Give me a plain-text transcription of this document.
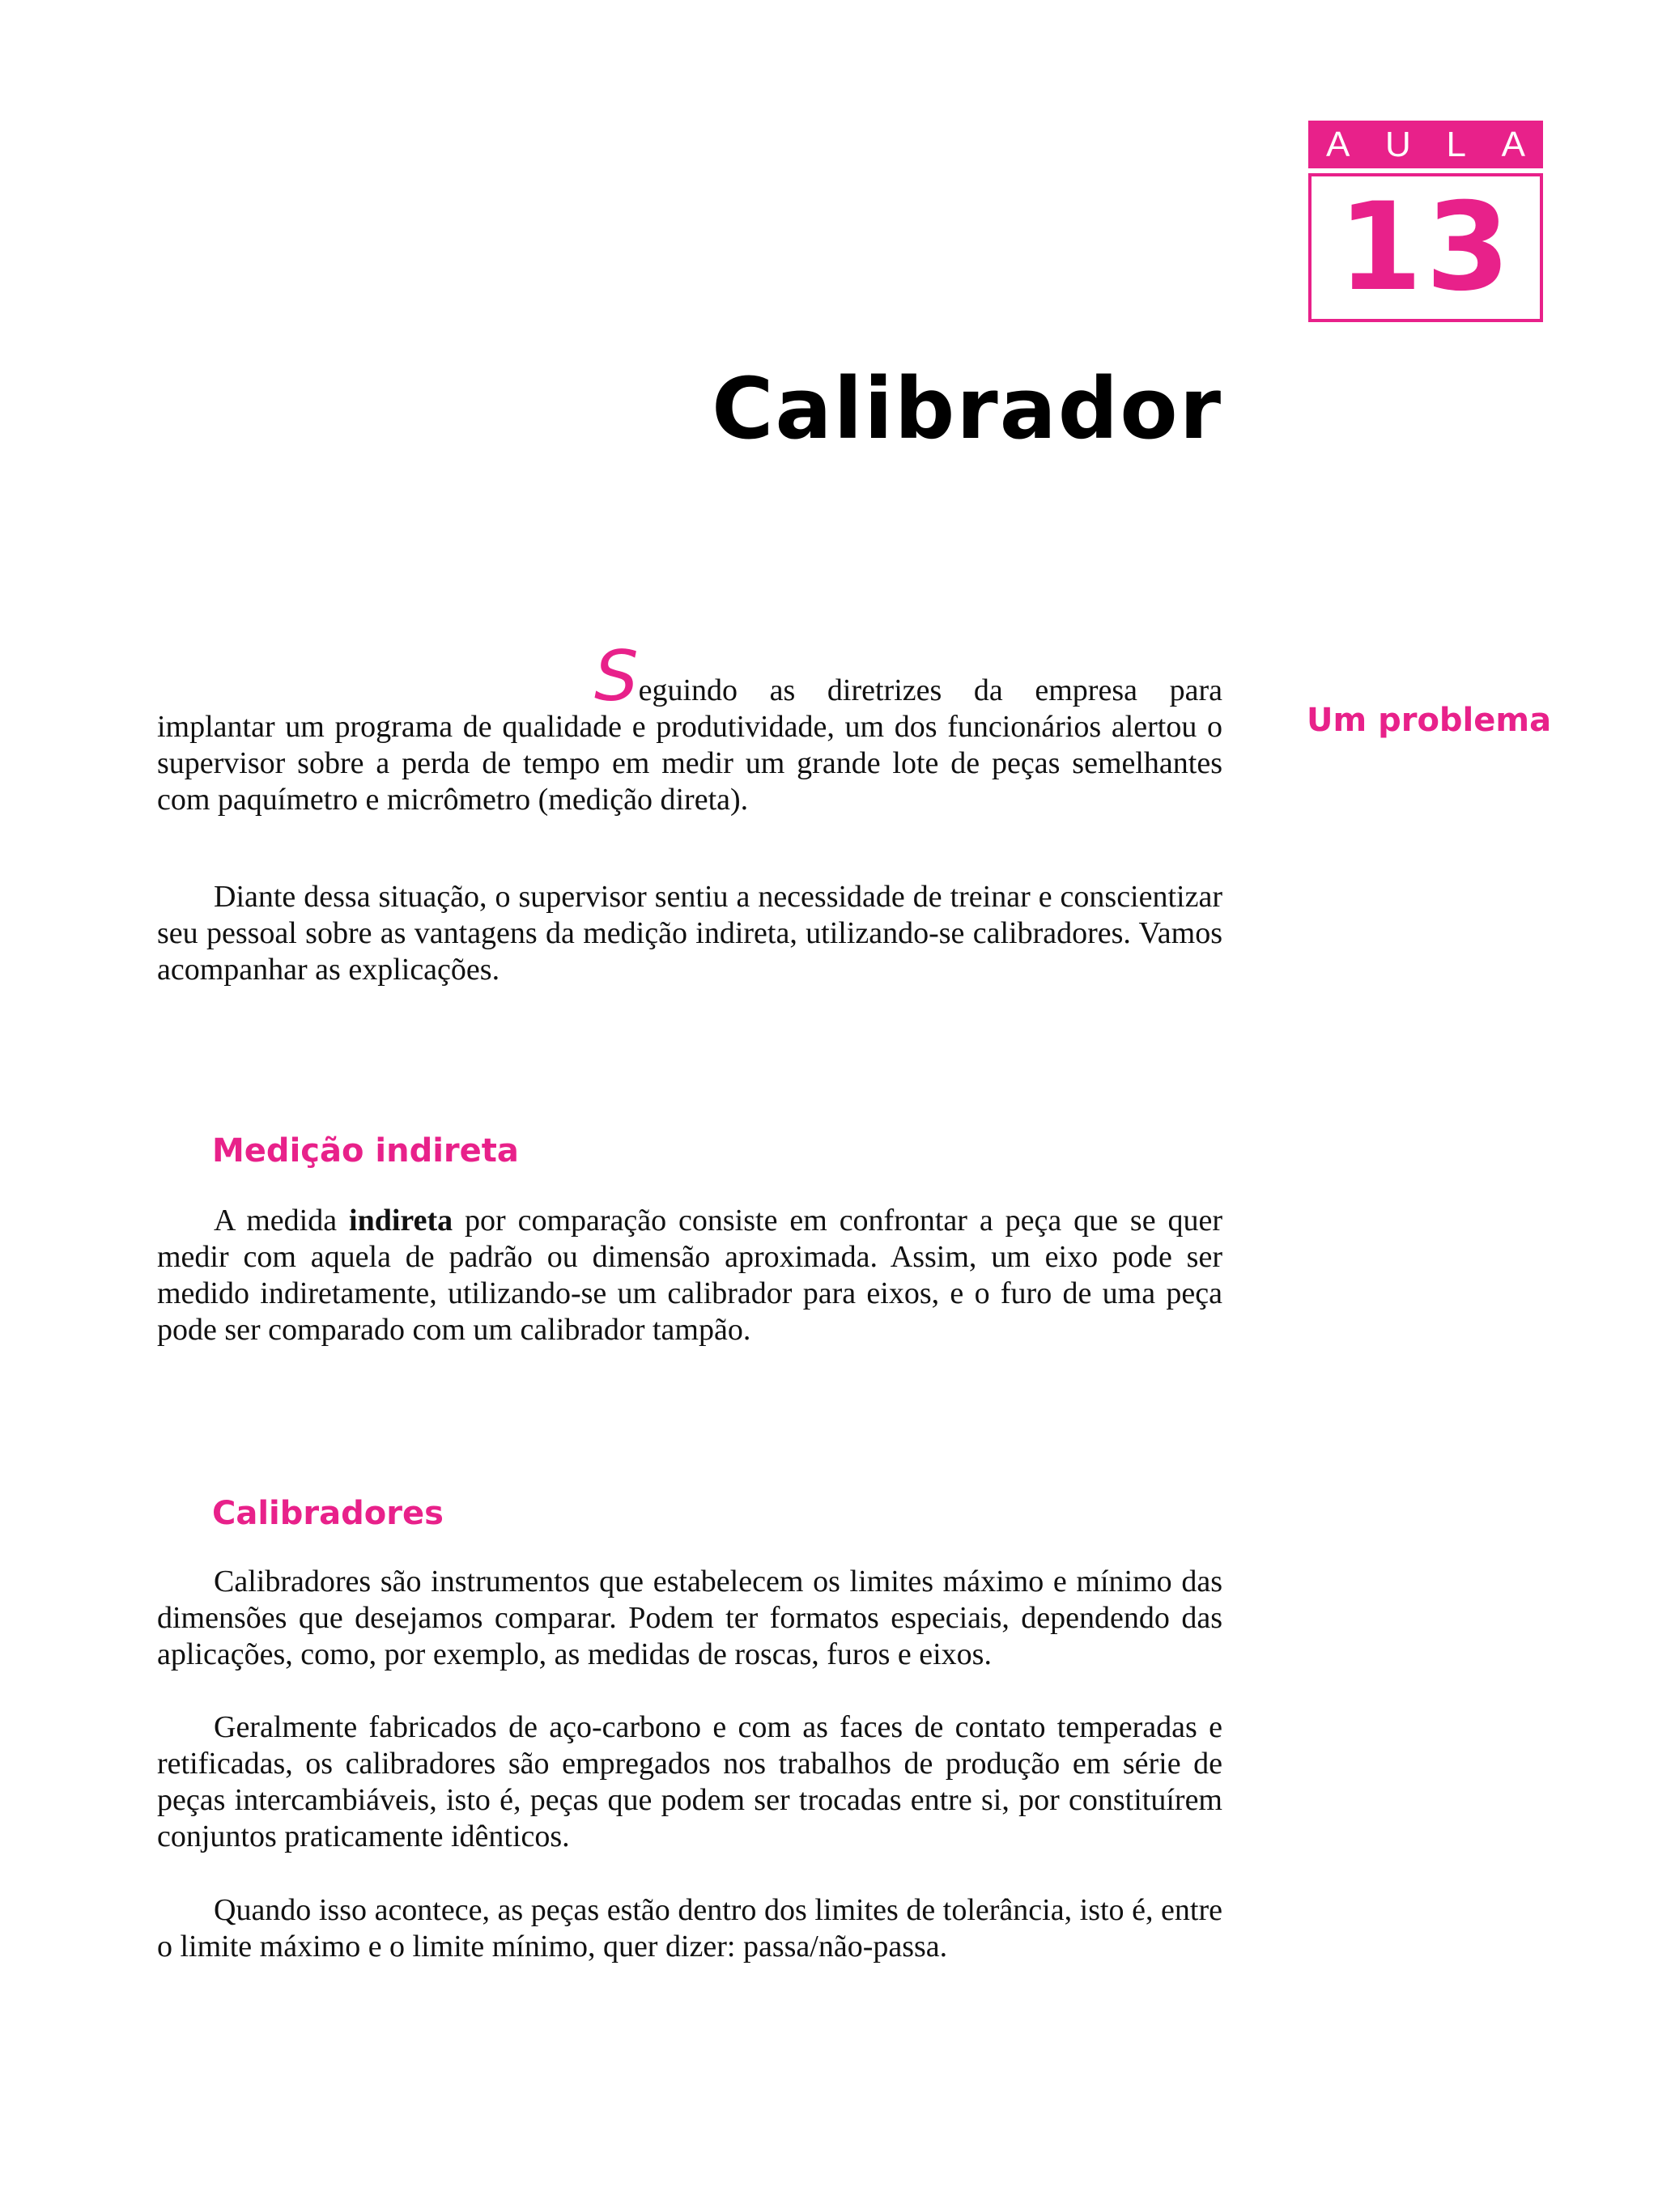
A U L A
13
Calibrador
Um problema

Seguindo as diretrizes da empresa para implantar um programa de qualidade e produtividade, um dos funcionários alertou o supervisor sobre a perda de tempo em medir um grande lote de peças semelhantes com paquímetro e micrômetro (medição direta).

Diante dessa situação, o supervisor sentiu a necessidade de treinar e conscientizar seu pessoal sobre as vantagens da medição indireta, utilizando-se calibradores. Vamos acompanhar as explicações.

Medição indireta

A medida indireta por comparação consiste em confrontar a peça que se quer medir com aquela de padrão ou dimensão aproximada. Assim, um eixo pode ser medido indiretamente, utilizando-se um calibrador para eixos, e o furo de uma peça pode ser comparado com um calibrador tampão.

Calibradores

Calibradores são instrumentos que estabelecem os limites máximo e mínimo das dimensões que desejamos comparar. Podem ter formatos especiais, dependendo das aplicações, como, por exemplo, as medidas de roscas, furos e eixos.

Geralmente fabricados de aço-carbono e com as faces de contato temperadas e retificadas, os calibradores são empregados nos trabalhos de produção em série de peças intercambiáveis, isto é, peças que podem ser trocadas entre si, por constituírem conjuntos praticamente idênticos.

Quando isso acontece, as peças estão dentro dos limites de tolerância, isto é, entre o limite máximo e o limite mínimo, quer dizer: passa/não-passa.
